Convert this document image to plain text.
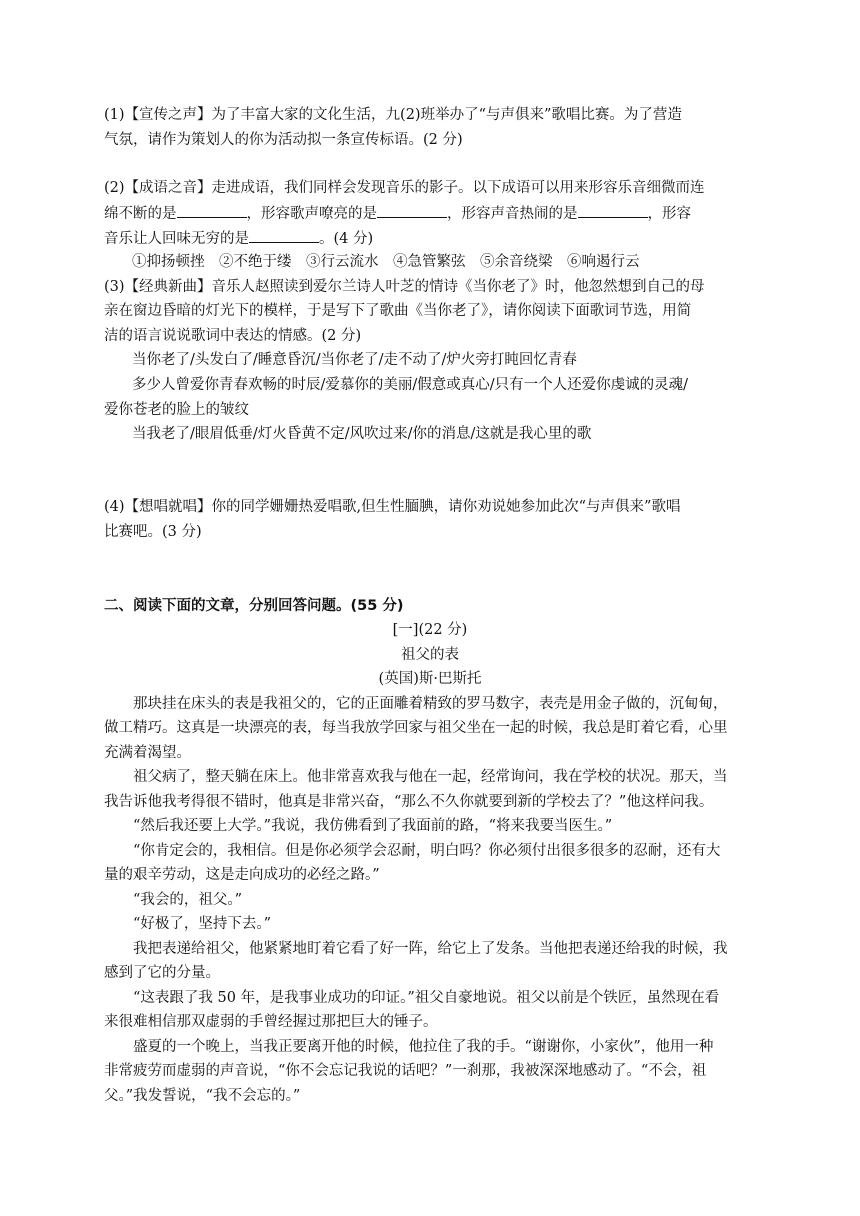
(1)【宣传之声】为了丰富大家的文化生活，九(2)班举办了“与声俱来”歌唱比赛。为了营造
气氛，请作为策划人的你为活动拟一条宣传标语。(2 分)
(2)【成语之音】走进成语，我们同样会发现音乐的影子。以下成语可以用来形容乐音细微而连
绵不断的是	，形容歌声嘹亮的是	，形容声音热闹的是	，形容
音乐让人回味无穷的是	。(4 分)
①抑扬顿挫　②不绝于缕　③行云流水　④急管繁弦　⑤余音绕梁　⑥响遏行云
(3)【经典新曲】音乐人赵照读到爱尔兰诗人叶芝的情诗《当你老了》时，他忽然想到自己的母
亲在窗边昏暗的灯光下的模样，于是写下了歌曲《当你老了》，请你阅读下面歌词节选，用简
洁的语言说说歌词中表达的情感。(2 分)
当你老了/头发白了/睡意昏沉/当你老了/走不动了/炉火旁打盹回忆青春
多少人曾爱你青春欢畅的时辰/爱慕你的美丽/假意或真心/只有一个人还爱你虔诚的灵魂/
爱你苍老的脸上的皱纹
当我老了/眼眉低垂/灯火昏黄不定/风吹过来/你的消息/这就是我心里的歌
(4)【想唱就唱】你的同学姗姗热爱唱歌,但生性腼腆，请你劝说她参加此次“与声俱来”歌唱
比赛吧。(3 分)
二、阅读下面的文章，分别回答问题。(55 分)
[一](22 分)
祖父的表
(英国)斯·巴斯托
　　那块挂在床头的表是我祖父的，它的正面雕着精致的罗马数字，表壳是用金子做的，沉甸甸，
做工精巧。这真是一块漂亮的表，每当我放学回家与祖父坐在一起的时候，我总是盯着它看，心里
充满着渴望。
　　祖父病了，整天躺在床上。他非常喜欢我与他在一起，经常询问，我在学校的状况。那天，当
我告诉他我考得很不错时，他真是非常兴奋，“那么不久你就要到新的学校去了？”他这样问我。
　　“然后我还要上大学。”我说，我仿佛看到了我面前的路，“将来我要当医生。”
　　“你肯定会的，我相信。但是你必须学会忍耐，明白吗？你必须付出很多很多的忍耐，还有大
量的艰辛劳动，这是走向成功的必经之路。”
　　“我会的，祖父。”
　　“好极了，坚持下去。”
　　我把表递给祖父，他紧紧地盯着它看了好一阵，给它上了发条。当他把表递还给我的时候，我
感到了它的分量。
　　“这表跟了我 50 年，是我事业成功的印证。”祖父自豪地说。祖父以前是个铁匠，虽然现在看
来很难相信那双虚弱的手曾经握过那把巨大的锤子。
　　盛夏的一个晚上，当我正要离开他的时候，他拉住了我的手。“谢谢你，小家伙”，他用一种
非常疲劳而虚弱的声音说，“你不会忘记我说的话吧？”一刹那，我被深深地感动了。“不会，祖
父。”我发誓说，“我不会忘的。”
